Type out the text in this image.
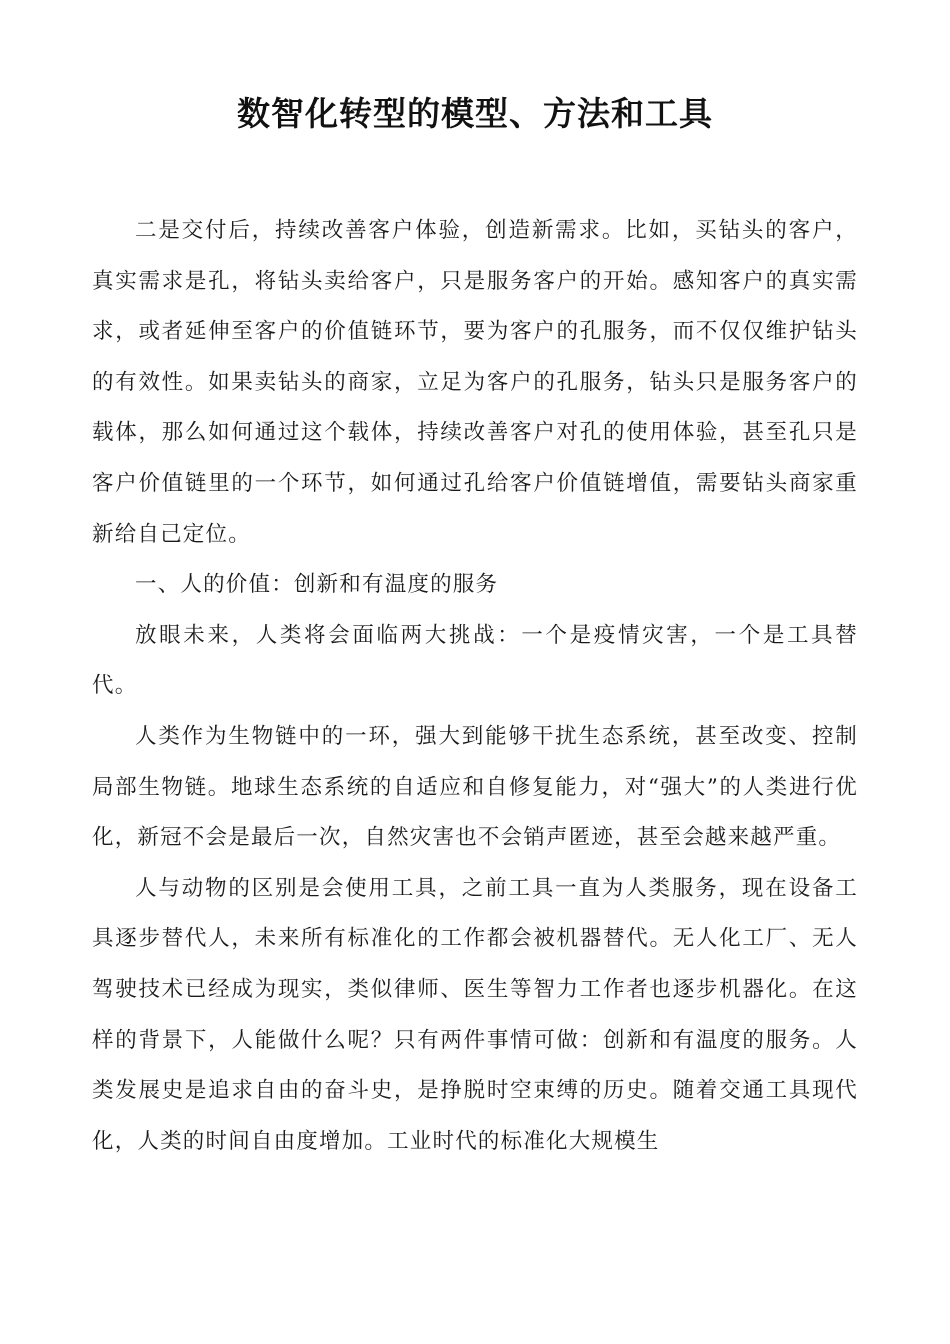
数智化转型的模型、方法和工具

二是交付后，持续改善客户体验，创造新需求。比如，买钻头的客户，真实需求是孔，将钻头卖给客户，只是服务客户的开始。感知客户的真实需求，或者延伸至客户的价值链环节，要为客户的孔服务，而不仅仅维护钻头的有效性。如果卖钻头的商家，立足为客户的孔服务，钻头只是服务客户的载体，那么如何通过这个载体，持续改善客户对孔的使用体验，甚至孔只是客户价值链里的一个环节，如何通过孔给客户价值链增值，需要钻头商家重新给自己定位。

一、人的价值：创新和有温度的服务

放眼未来，人类将会面临两大挑战：一个是疫情灾害，一个是工具替代。

人类作为生物链中的一环，强大到能够干扰生态系统，甚至改变、控制局部生物链。地球生态系统的自适应和自修复能力，对“强大”的人类进行优化，新冠不会是最后一次，自然灾害也不会销声匿迹，甚至会越来越严重。

人与动物的区别是会使用工具，之前工具一直为人类服务，现在设备工具逐步替代人，未来所有标准化的工作都会被机器替代。无人化工厂、无人驾驶技术已经成为现实，类似律师、医生等智力工作者也逐步机器化。在这样的背景下，人能做什么呢？只有两件事情可做：创新和有温度的服务。人类发展史是追求自由的奋斗史，是挣脱时空束缚的历史。随着交通工具现代化，人类的时间自由度增加。工业时代的标准化大规模生
